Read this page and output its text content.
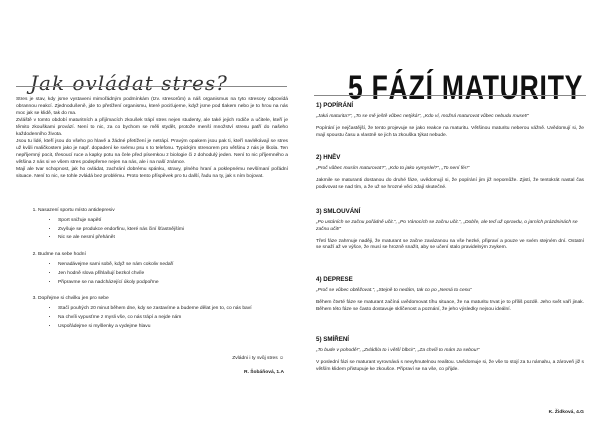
Jak ovládat stres?

Stres je stav, kdy jsme vystaveni mimořádným podmínkám (tzv. stresorům) a náš organismus na tyto stresory odpovídá obrannou reakcí. Zjednodušeně, jde to přetížení organismu, které pociťujeme, když jsme pod tlakem nebo je to hrou na nás moc jak se klidě, tak do ma.

Zvláště v tomto období maturitních a přijímacích zkoušek trápí stres nejen studenty, ale také jejich rodiče a učitele, kteří je těmito zkouškami provází. Není to nic, za co bychom se měli stydět, protože menší množství stresu patří do našeho každodenního života.

Jsou tu lidé, kteří jsou do všeho po hlavě a žádné přetížení je netrápí. Pravým opakem jsou pak ti, kteří navlékávají se stres už kvůli maličkostem jako je např. dopadení ke svému psu s to telefonu. Typickým stresorem pro většinu z nás je škola. Ten nepříjemný pocit, třesoucí ruce a kapky potu na čele před písemkou z biologie či z dohodulý jeden. Není to nic příjemného a většina z nás si ve všem stres podepřeme nejen na nás, ale i na naší známce.

Mají ale tvar schopnost, jak ho ovládat, zachrání dobrému spánku, stravy, plného hraní a poklepnému nevšímaní pořádní situace. Není to nic, se tohle zvládá bez problému. Proto tento příspěvek pro tu další, řadu na ty, jak s ním bojovat.

1. Nasazení sportu místo antidepresiv
• Sport snižuje napětí
• Zvyšuje se produkce endorfinu, které nás činí šťastnějšími
• Nic se ale nesmí přehánět
2. Budme na sebe hodní
• Nenadávejme sami sobě, když se nám cokoliv nedaří
• Jen hodně slova přihlašují bezkol chvíle
• Připravme se na nadcházející úkoly podpořme
3. Dopřejme si chvilku jen pro sebe
• Stačí pouhých 20 minut během dne, kdy se zastavíme a budeme dělat jen to, co nás baví
• Na chvíli vypusťme z mysli vše, co nás trápí a nejde nám
• Uspořádejme si myšlenky a vydejme hlavu
Zvládni i ty svůj stres ☺
R. Šobáňová, 1.A
5 FÁZÍ MATURITY
1) POPÍRÁNÍ
„Jaká maturita?“, „To se mě ještě vůbec netýká!“, „Kdo ví, možná maturovat vůbec nebudu muset!“
Popírání je nejčastější, že tento projevuje se jako reakce na maturitu. Většinou maturitu neberou vážně. Uvědomují si, že mají spoustu času a vlastně se jich ta zkouška týkat nebude.
2) HNĚV
„Proč vůbec musím maturovat?“, „Kdo to jako vymyslel?“, „To není fér!“
Jakmile se maturanti dostanou do druhé fáze, uvědomují si, že popírání jim již nepomůže. Zjistí, že tentokrát nastal čas podivovat se nad tím, a že už se hrozné věci zdají skutečné.
3) SMLOUVÁNÍ
„Po ustáních se začnu pořádně učit.“, „Po Vánocích se začnu učit.“, „Dobře, ale teď už opravdu, o jarních prázdninách se začnu učit!“
Třetí fáze zahrnuje naději, že maturant se začne zavázanou na vše hezké, připraví a pouze ve svém stejném dní. Ostatní se snaží až ve výšce, že musí se hrozně snažit, aby se učení stalo pravidelným zvykem.
4) DEPRESE
„Proč se vůbec obtěžovat.“, „Stejně to nedám, tak co po „Nemá to cenu“
Během čtvrté fáze se maturant začíná uvědomovat tíhu situace, že na maturitu trvat je to příliš pozdě. Jeho svět vaří jinak. Během této fáze se často dostavuje sklíčenost a poznání, že jeho výsledky nejsou ideální.
5) SMÍŘENÍ
„To bude v pohodě!“, „Zvládl/a to i větší blbci!“, „Za chvíli to mám za sebou!“
V poslední fázi se maturant vyrovnává s nevyhnutelnou realitou. Uvědomuje si, že vše to stojí za tu námahu, a zároveň již s větším klidem přistupuje ke zkoušce. Připraví se na vše, co přijde.
K. Židková, 4.G
